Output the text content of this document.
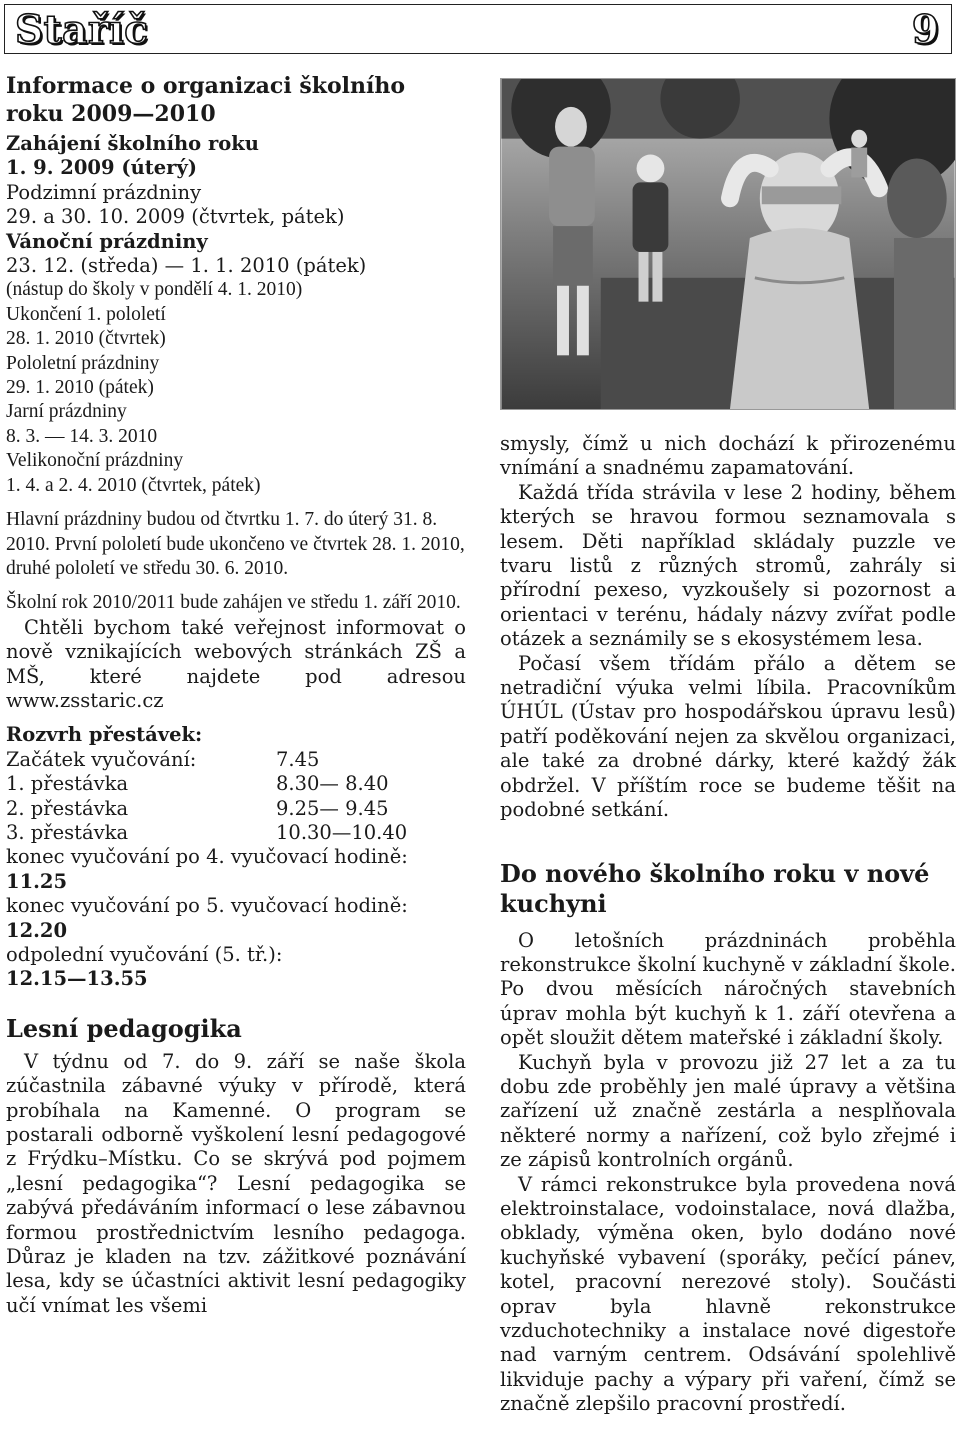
Staříč	9
Informace o organizaci školního roku 2009—2010
Zahájení školního roku
1. 9. 2009 (úterý)
Podzimní prázdniny
29. a 30. 10. 2009 (čtvrtek, pátek)
Vánoční prázdniny
23. 12. (středa) — 1. 1. 2010 (pátek)
(nástup do školy v pondělí 4. 1. 2010)
Ukončení 1. pololetí
28. 1. 2010 (čtvrtek)
Pololetní prázdniny
29. 1. 2010 (pátek)
Jarní prázdniny
8. 3. — 14. 3. 2010
Velikonoční prázdniny
1. 4. a 2. 4. 2010 (čtvrtek, pátek)

Hlavní prázdniny budou od čtvrtku 1. 7. do úterý 31. 8. 2010. První pololetí bude ukončeno ve čtvrtek 28. 1. 2010, druhé pololetí ve středu 30. 6. 2010.

Školní rok 2010/2011 bude zahájen ve středu 1. září 2010.

Chtěli bychom také veřejnost informovat o nově vznikajících webových stránkách ZŠ a MŠ, které najdete pod adresou www.zsstaric.cz

Rozvrh přestávek:
Začátek vyučování:	7.45
1. přestávka	8.30— 8.40
2. přestávka	9.25— 9.45
3. přestávka	10.30—10.40
konec vyučování po 4. vyučovací hodině:
11.25
konec vyučování po 5. vyučovací hodině:
12.20
odpolední vyučování (5. tř.):
12.15—13.55
Lesní pedagogika

V týdnu od 7. do 9. září se naše škola zúčastnila zábavné výuky v přírodě, která probíhala na Kamenné. O program se postarali odborně vyškolení lesní pedagogové z Frýdku–Místku. Co se skrývá pod pojmem „lesní pedagogika“? Lesní pedagogika se zabývá předáváním informací o lese zábavnou formou prostřednictvím lesního pedagoga. Důraz je kladen na tzv. zážitkové poznávání lesa, kdy se účastníci aktivit lesní pedagogiky učí vnímat les všemi

smysly, čímž u nich dochází k přirozenému vnímání a snadnému zapamatování.

Každá třída strávila v lese 2 hodiny, během kterých se hravou formou seznamovala s lesem. Děti například skládaly puzzle ve tvaru listů z různých stromů, zahrály si přírodní pexeso, vyzkoušely si pozornost a orientaci v terénu, hádaly názvy zvířat podle otázek a seznámily se s ekosystémem lesa.

Počasí všem třídám přálo a dětem se netradiční výuka velmi líbila. Pracovníkům ÚHÚL (Ústav pro hospodářskou úpravu lesů) patří poděkování nejen za skvělou organizaci, ale také za drobné dárky, které každý žák obdržel. V příštím roce se budeme těšit na podobné setkání.

Do nového školního roku v nové kuchyni

O letošních prázdninách proběhla rekonstrukce školní kuchyně v základní škole. Po dvou měsících náročných stavebních úprav mohla být kuchyň k 1. září otevřena a opět sloužit dětem mateřské i základní školy.

Kuchyň byla v provozu již 27 let a za tu dobu zde proběhly jen malé úpravy a většina zařízení už značně zestárla a nesplňovala některé normy a nařízení, což bylo zřejmé i ze zápisů kontrolních orgánů.

V rámci rekonstrukce byla provedena nová elektroinstalace, vodoinstalace, nová dlažba, obklady, výměna oken, bylo dodáno nové kuchyňské vybavení (sporáky, pečící pánev, kotel, pracovní nerezové stoly). Součásti oprav byla hlavně rekonstrukce vzduchotechniky a instalace nové digestoře nad varným centrem. Odsávání spolehlivě likviduje pachy a výpary při vaření, čímž se značně zlepšilo pracovní prostředí.
